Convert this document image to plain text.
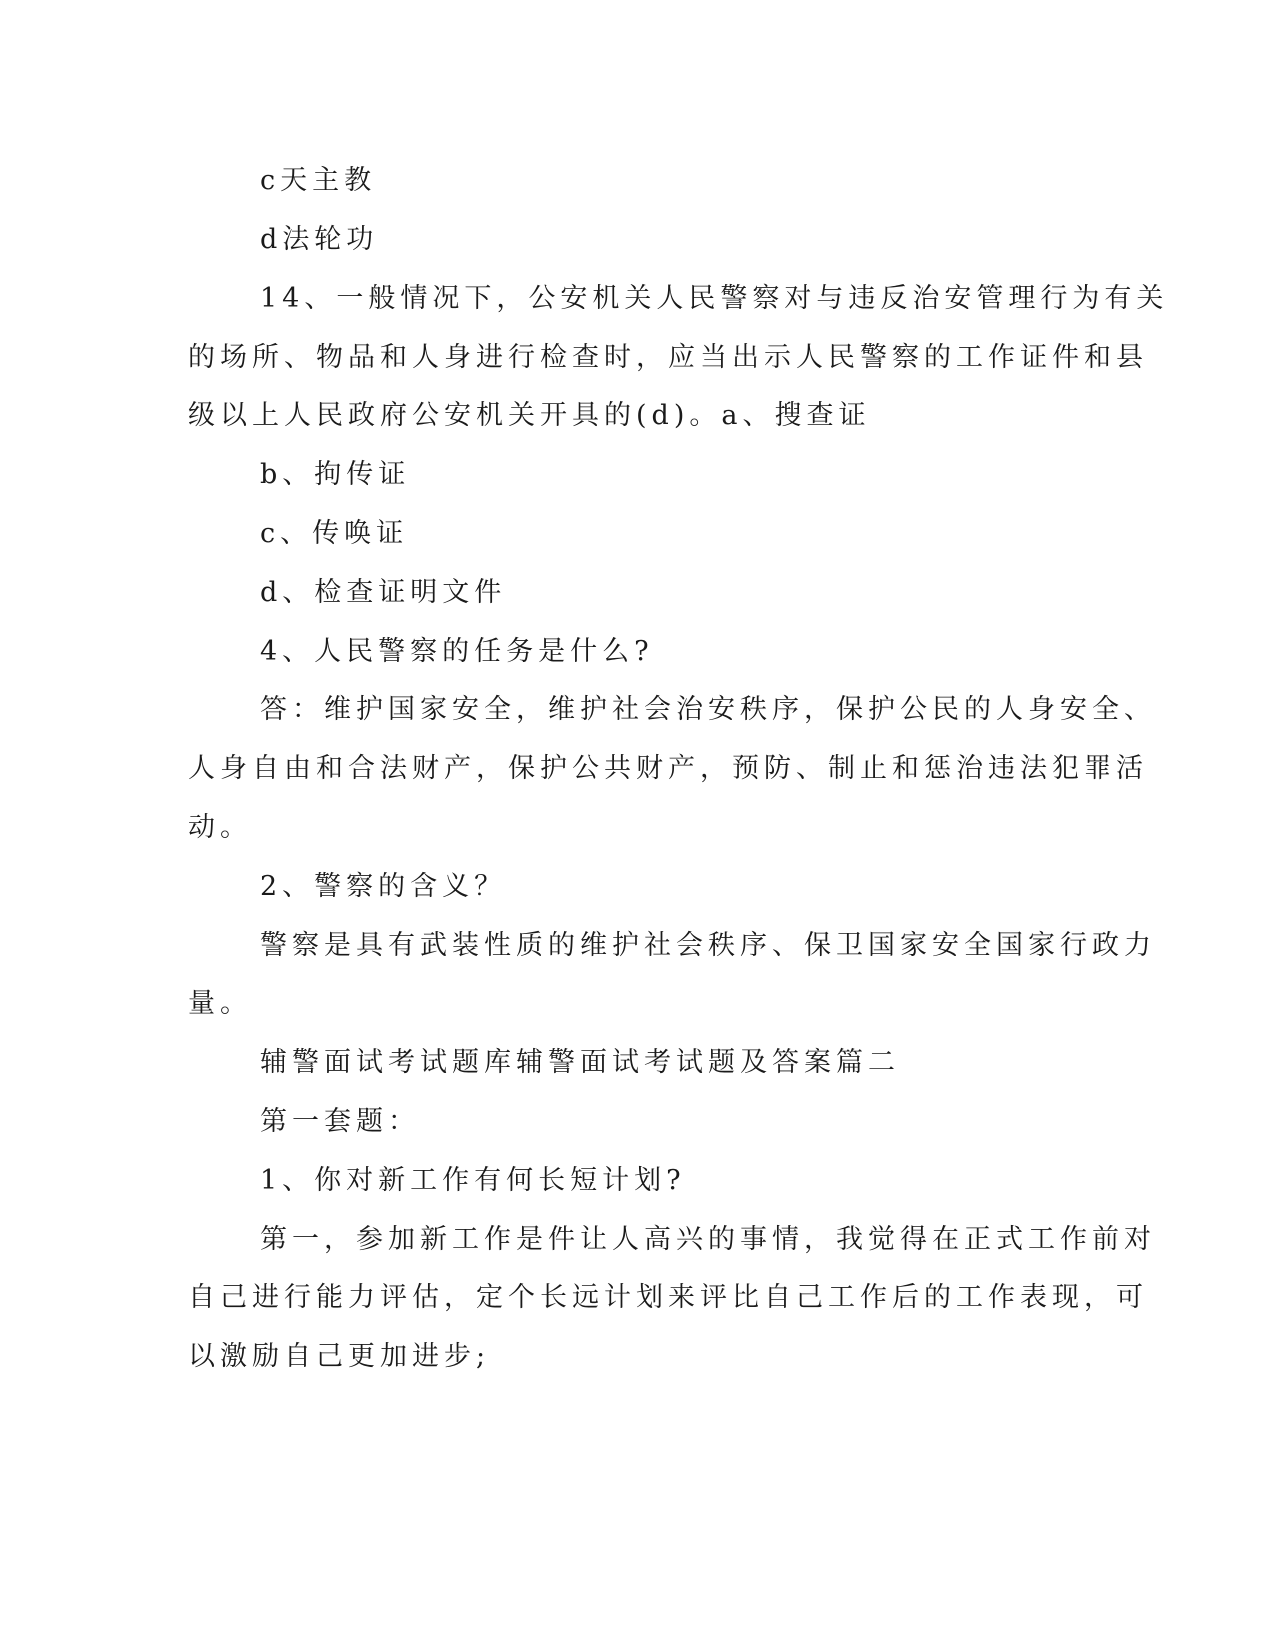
c天主教
d法轮功
14、一般情况下，公安机关人民警察对与违反治安管理行为有关
的场所、物品和人身进行检查时，应当出示人民警察的工作证件和县
级以上人民政府公安机关开具的(d)。a、搜查证
b、拘传证
c、传唤证
d、检查证明文件
4、人民警察的任务是什么?
答：维护国家安全，维护社会治安秩序，保护公民的人身安全、
人身自由和合法财产，保护公共财产，预防、制止和惩治违法犯罪活
动。
2、警察的含义？
警察是具有武装性质的维护社会秩序、保卫国家安全国家行政力
量。
辅警面试考试题库辅警面试考试题及答案篇二
第一套题：
1、你对新工作有何长短计划?
第一，参加新工作是件让人高兴的事情，我觉得在正式工作前对
自己进行能力评估，定个长远计划来评比自己工作后的工作表现，可
以激励自己更加进步;
